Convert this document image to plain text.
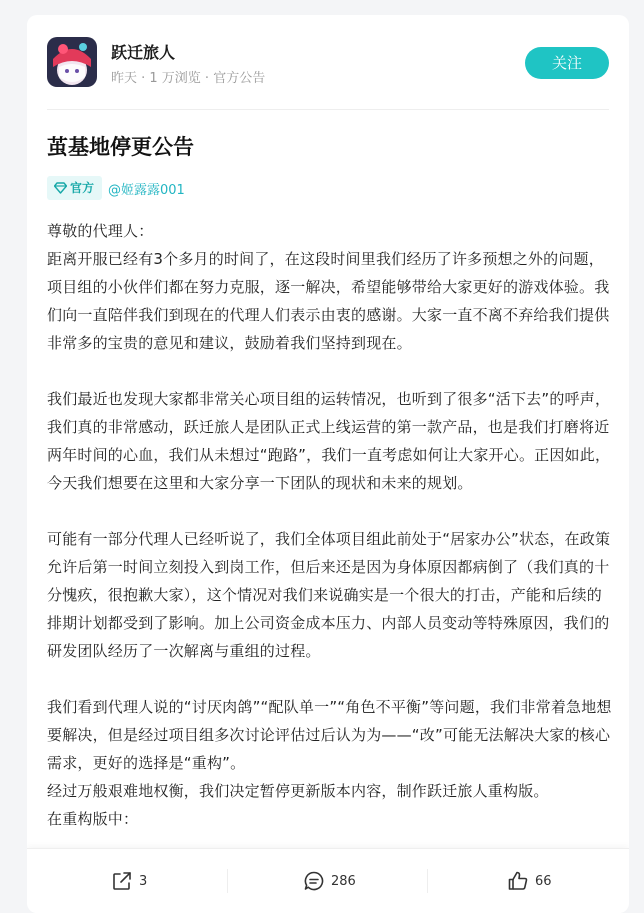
跃迁旅人
昨天 · 1 万浏览 · 官方公告
关注
茧基地停更公告
官方 @姬露露001

尊敬的代理人：

距离开服已经有3个多月的时间了，在这段时间里我们经历了许多预想之外的问题，项目组的小伙伴们都在努力克服，逐一解决，希望能够带给大家更好的游戏体验。我们向一直陪伴我们到现在的代理人们表示由衷的感谢。大家一直不离不弃给我们提供非常多的宝贵的意见和建议，鼓励着我们坚持到现在。

我们最近也发现大家都非常关心项目组的运转情况，也听到了很多“活下去”的呼声，我们真的非常感动，跃迁旅人是团队正式上线运营的第一款产品，也是我们打磨将近两年时间的心血，我们从未想过“跑路”，我们一直考虑如何让大家开心。正因如此，今天我们想要在这里和大家分享一下团队的现状和未来的规划。

可能有一部分代理人已经听说了，我们全体项目组此前处于“居家办公”状态，在政策允许后第一时间立刻投入到岗工作，但后来还是因为身体原因都病倒了（我们真的十分愧疚，很抱歉大家），这个情况对我们来说确实是一个很大的打击，产能和后续的排期计划都受到了影响。加上公司资金成本压力、内部人员变动等特殊原因，我们的研发团队经历了一次解离与重组的过程。

我们看到代理人说的“讨厌肉鸽”“配队单一”“角色不平衡”等问题，我们非常着急地想要解决，但是经过项目组多次讨论评估过后认为为——“改”可能无法解决大家的核心需求，更好的选择是“重构”。

经过万般艰难地权衡，我们决定暂停更新版本内容，制作跃迁旅人重构版。

在重构版中：

3	286	66
